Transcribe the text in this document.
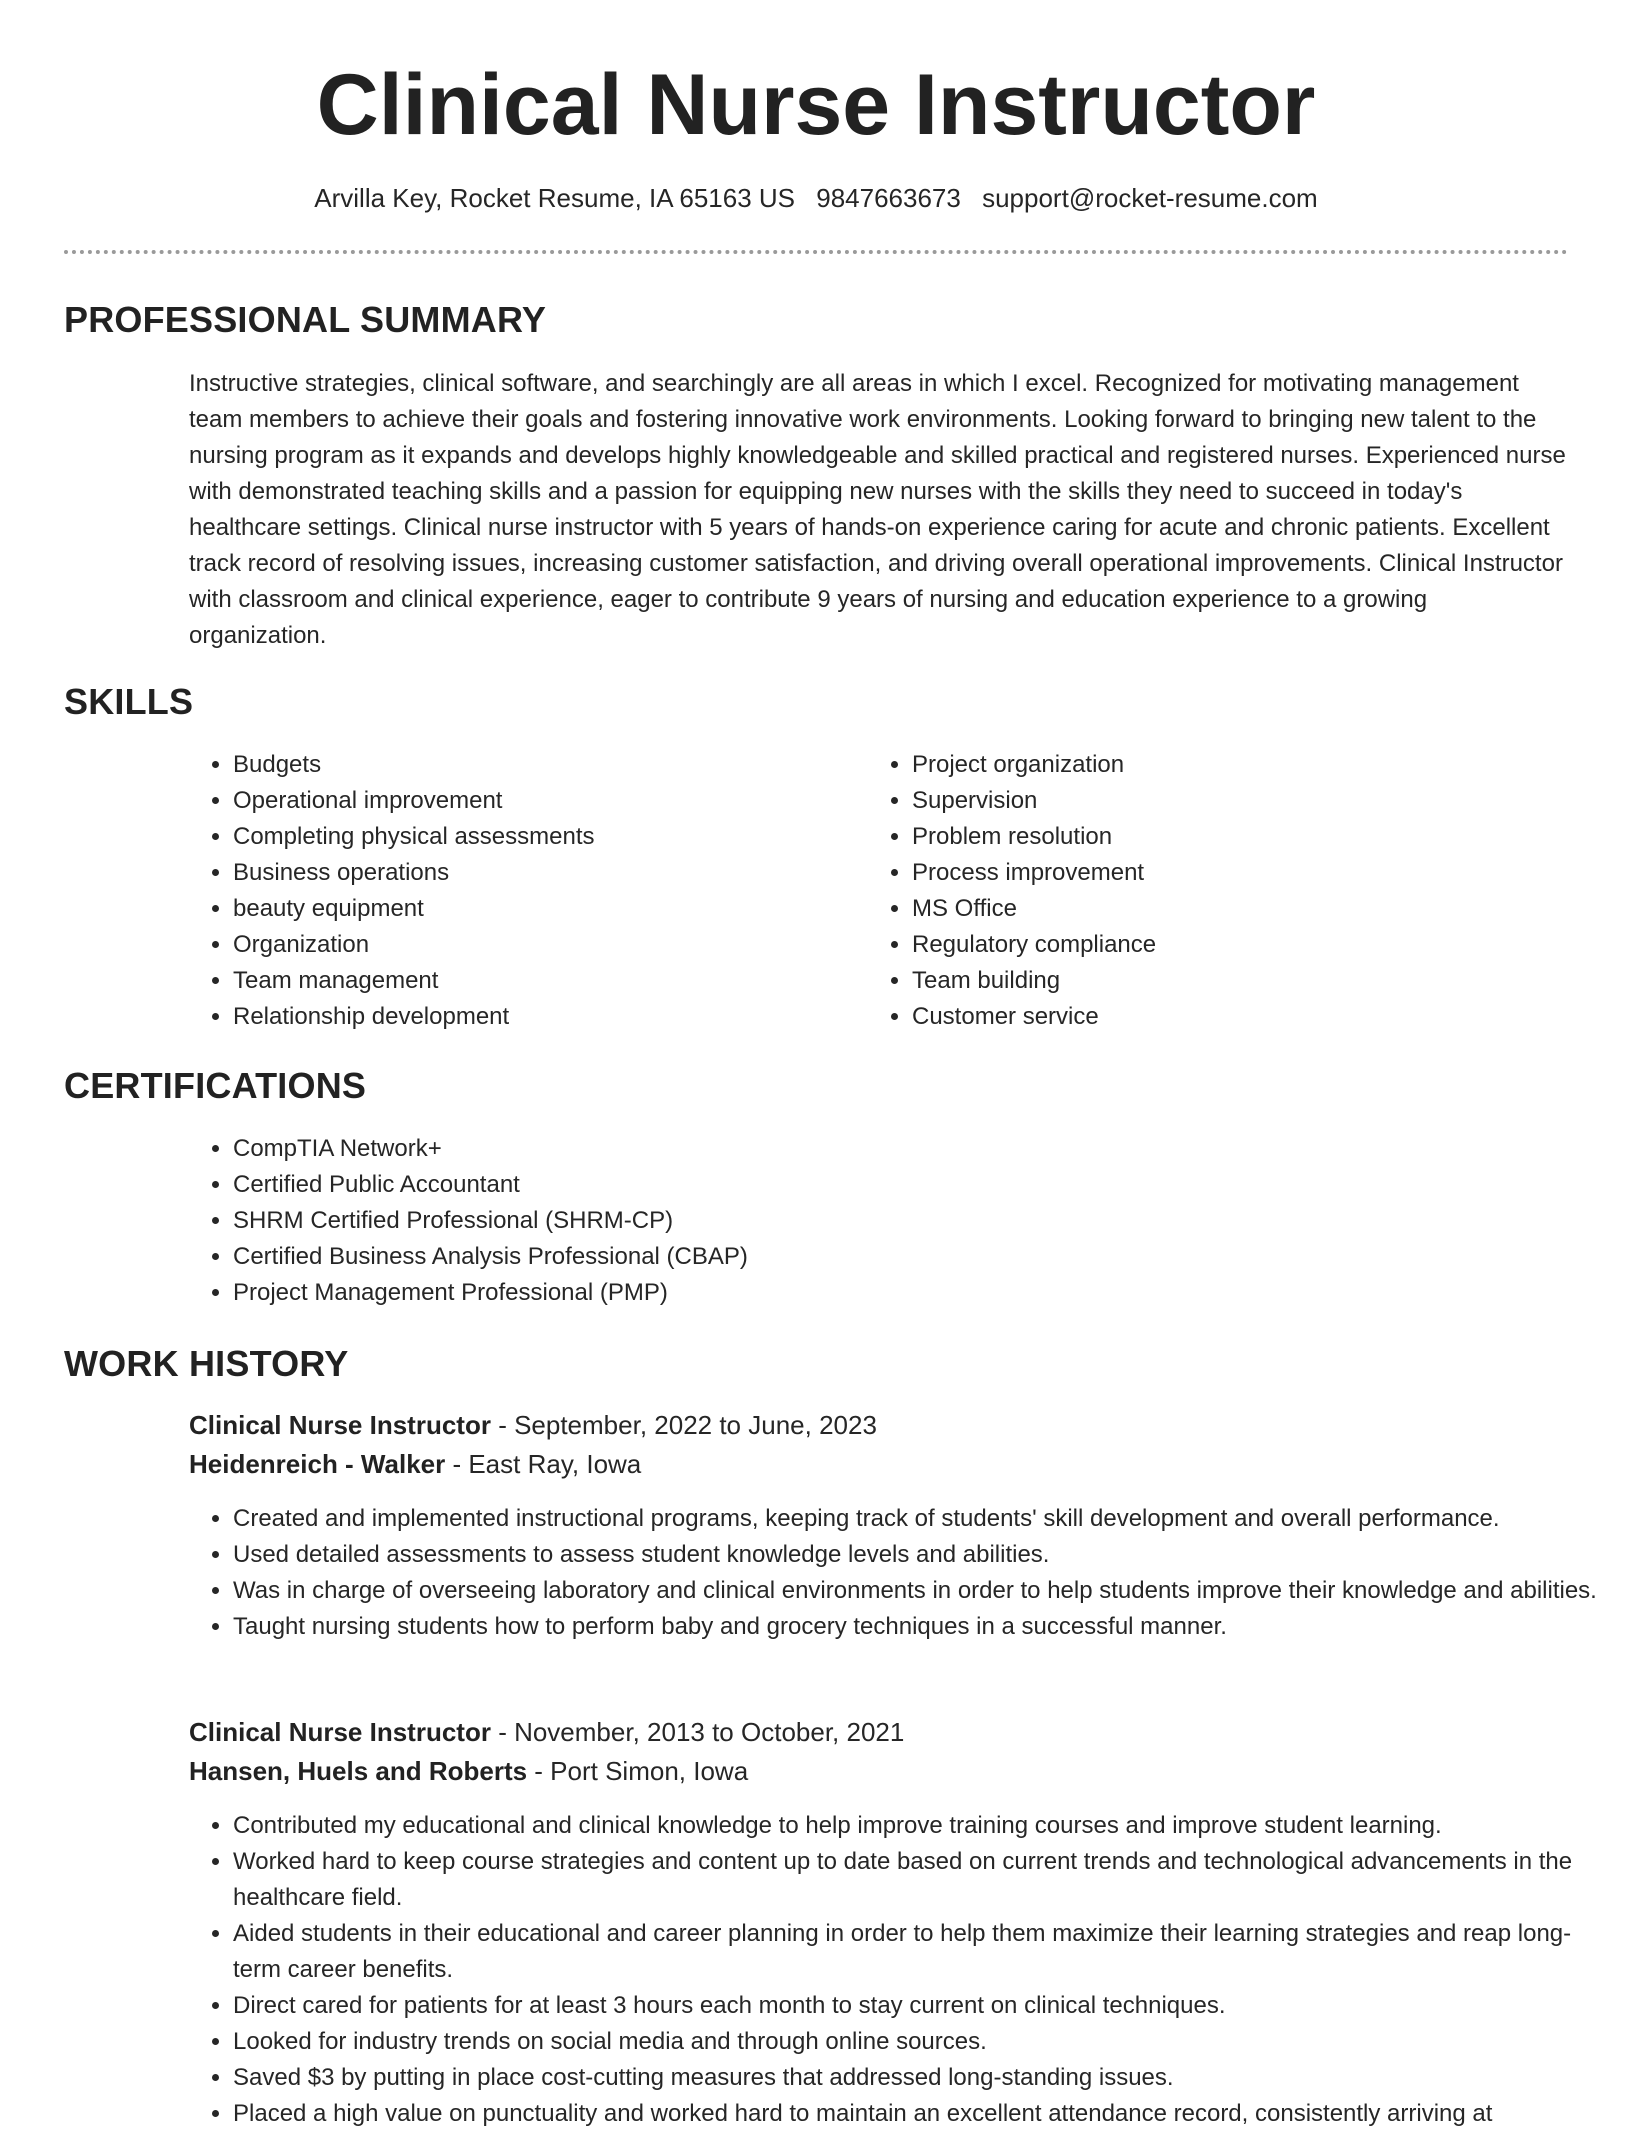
Clinical Nurse Instructor
Arvilla Key, Rocket Resume, IA 65163 US 9847663673 support@rocket-resume.com
PROFESSIONAL SUMMARY

Instructive strategies, clinical software, and searchingly are all areas in which I excel. Recognized for motivating management team members to achieve their goals and fostering innovative work environments. Looking forward to bringing new talent to the nursing program as it expands and develops highly knowledgeable and skilled practical and registered nurses. Experienced nurse with demonstrated teaching skills and a passion for equipping new nurses with the skills they need to succeed in today's healthcare settings. Clinical nurse instructor with 5 years of hands-on experience caring for acute and chronic patients. Excellent track record of resolving issues, increasing customer satisfaction, and driving overall operational improvements. Clinical Instructor with classroom and clinical experience, eager to contribute 9 years of nursing and education experience to a growing organization.

SKILLS
• Budgets
• Operational improvement
• Completing physical assessments
• Business operations
• beauty equipment
• Organization
• Team management
• Relationship development
• Project organization
• Supervision
• Problem resolution
• Process improvement
• MS Office
• Regulatory compliance
• Team building
• Customer service
CERTIFICATIONS
• CompTIA Network+
• Certified Public Accountant
• SHRM Certified Professional (SHRM-CP)
• Certified Business Analysis Professional (CBAP)
• Project Management Professional (PMP)
WORK HISTORY
Clinical Nurse Instructor - September, 2022 to June, 2023
Heidenreich - Walker - East Ray, Iowa
• Created and implemented instructional programs, keeping track of students' skill development and overall performance.
• Used detailed assessments to assess student knowledge levels and abilities.
• Was in charge of overseeing laboratory and clinical environments in order to help students improve their knowledge and abilities.
• Taught nursing students how to perform baby and grocery techniques in a successful manner.
Clinical Nurse Instructor - November, 2013 to October, 2021
Hansen, Huels and Roberts - Port Simon, Iowa
• Contributed my educational and clinical knowledge to help improve training courses and improve student learning.
• Worked hard to keep course strategies and content up to date based on current trends and technological advancements in the healthcare field.
• Aided students in their educational and career planning in order to help them maximize their learning strategies and reap long-term career benefits.
• Direct cared for patients for at least 3 hours each month to stay current on clinical techniques.
• Looked for industry trends on social media and through online sources.
• Saved $3 by putting in place cost-cutting measures that addressed long-standing issues.
• Placed a high value on punctuality and worked hard to maintain an excellent attendance record, consistently arriving at
